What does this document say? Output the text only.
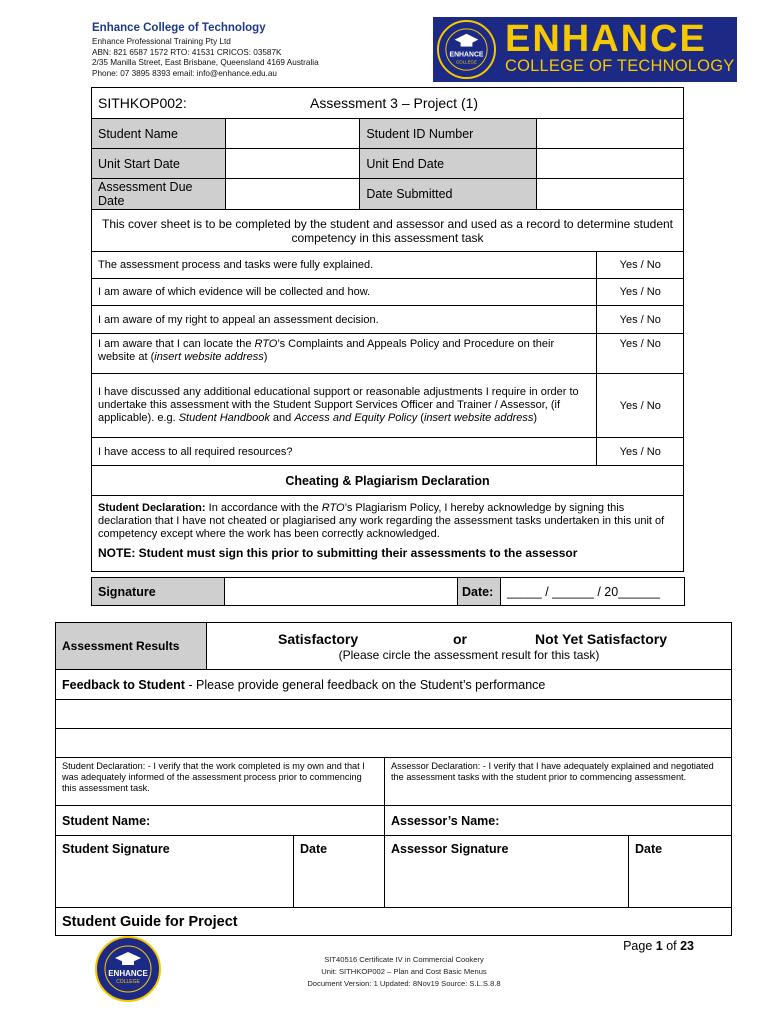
Enhance College of Technology
Enhance Professional Training Pty Ltd
ABN: 821 6587 1572 RTO: 41531 CRICOS: 03587K
2/35 Manilla Street, East Brisbane, Queensland 4169 Australia
Phone: 07 3895 8393 email: info@enhance.edu.au
ENHANCE
COLLEGE
ENHANCE
COLLEGE OF TECHNOLOGY
SITHKOP002: Assessment 3 – Project (1)				

Student Name		Student ID Number		
Unit Start Date		Unit End Date		
Assessment Due Date		Date Submitted		
This cover sheet is to be completed by the student and assessor and used as a record to determine student competency in this assessment task				
The assessment process and tasks were fully explained.				Yes / No
I am aware of which evidence will be collected and how.				Yes / No
I am aware of my right to appeal an assessment decision.				Yes / No
I am aware that I can locate the RTO’s Complaints and Appeals Policy and Procedure on their website at (insert website address)				Yes / No
I have discussed any additional educational support or reasonable adjustments I require in order to undertake this assessment with the Student Support Services Officer and Trainer / Assessor, (if applicable). e.g. Student Handbook and Access and Equity Policy (insert website address)				Yes / No
I have access to all required resources?				Yes / No
Cheating & Plagiarism Declaration				

Student Declaration: In accordance with the RTO’s Plagiarism Policy, I hereby acknowledge by signing this declaration that I have not cheated or plagiarised any work regarding the assessment tasks undertaken in this unit of competency except where the work has been correctly acknowledged.
NOTE: Student must sign this prior to submitting their assessments to the assessor				
Signature		Date:	_____ / ______ / 20______
Assessment Results	Satisfactory or Not Yet Satisfactory
(Please circle the assessment result for this task)			

Feedback to Student - Please provide general feedback on the Student’s performance				

Student Declaration: - I verify that the work completed is my own and that I was adequately informed of the assessment process prior to commencing this assessment task.			Assessor Declaration: - I verify that I have adequately explained and negotiated the assessment tasks with the student prior to commencing assessment.	
Student Name:			Assessor’s Name:	
Student Signature		Date	Assessor Signature	Date
Student Guide for Project				
ENHANCE
COLLEGE
Page 1 of 23
SIT40516 Certificate IV in Commercial Cookery
Unit: SITHKOP002 – Plan and Cost Basic Menus
Document Version: 1 Updated: 8Nov19 Source: S.L.S.8.8
